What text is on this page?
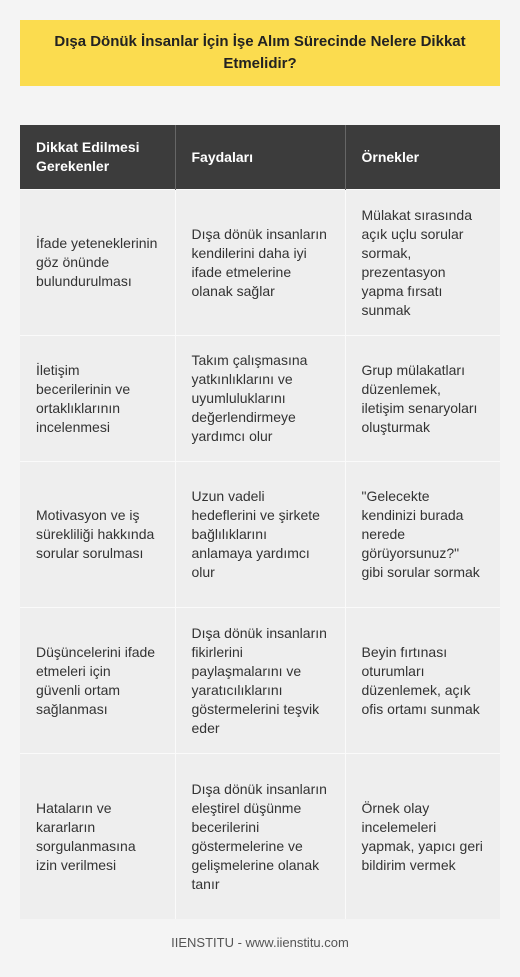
Dışa Dönük İnsanlar İçin İşe Alım Sürecinde Nelere Dikkat Etmelidir?
Dikkat Edilmesi Gerekenler	Faydaları	Örnekler
İfade yeteneklerinin göz önünde bulundurulması	Dışa dönük insanların kendilerini daha iyi ifade etmelerine olanak sağlar	Mülakat sırasında açık uçlu sorular sormak, prezentasyon yapma fırsatı sunmak
İletişim becerilerinin ve ortaklıklarının incelenmesi	Takım çalışmasına yatkınlıklarını ve uyumluluklarını değerlendirmeye yardımcı olur	Grup mülakatları düzenlemek, iletişim senaryoları oluşturmak
Motivasyon ve iş sürekliliği hakkında sorular sorulması	Uzun vadeli hedeflerini ve şirkete bağlılıklarını anlamaya yardımcı olur	"Gelecekte kendinizi burada nerede görüyorsunuz?" gibi sorular sormak
Düşüncelerini ifade etmeleri için güvenli ortam sağlanması	Dışa dönük insanların fikirlerini paylaşmalarını ve yaratıcılıklarını göstermelerini teşvik eder	Beyin fırtınası oturumları düzenlemek, açık ofis ortamı sunmak
Hataların ve kararların sorgulanmasına izin verilmesi	Dışa dönük insanların eleştirel düşünme becerilerini göstermelerine ve gelişmelerine olanak tanır	Örnek olay incelemeleri yapmak, yapıcı geri bildirim vermek
IIENSTITU - www.iienstitu.com
